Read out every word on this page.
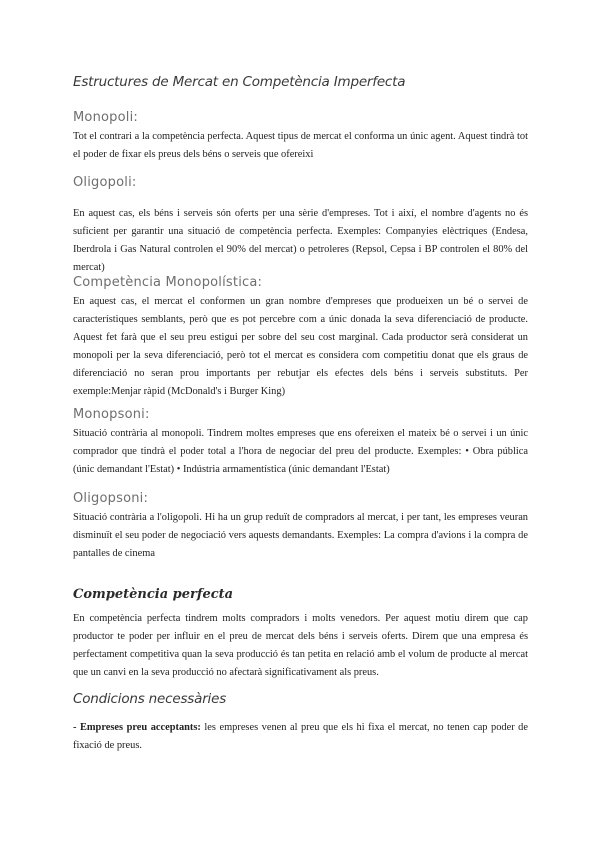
Estructures de Mercat en Competència Imperfecta
Monopoli:

Tot el contrari a la competència perfecta. Aquest tipus de mercat el conforma un únic agent. Aquest tindrà tot el poder de fixar els preus dels béns o serveis que ofereixi

Oligopoli:

En aquest cas, els béns i serveis són oferts per una sèrie d'empreses. Tot i així, el nombre d'agents no és suficient per garantir una situació de competència perfecta. Exemples: Companyies elèctriques (Endesa, Iberdrola i Gas Natural controlen el 90% del mercat) o petroleres (Repsol, Cepsa i BP controlen el 80% del mercat)

Competència Monopolística:

En aquest cas, el mercat el conformen un gran nombre d'empreses que produeixen un bé o servei de característiques semblants, però que es pot percebre com a únic donada la seva diferenciació de producte. Aquest fet farà que el seu preu estigui per sobre del seu cost marginal. Cada productor serà considerat un monopoli per la seva diferenciació, però tot el mercat es considera com competitiu donat que els graus de diferenciació no seran prou importants per rebutjar els efectes dels béns i serveis substituts. Per exemple:Menjar ràpid (McDonald's i Burger King)

Monopsoni:

Situació contrària al monopoli. Tindrem moltes empreses que ens ofereixen el mateix bé o servei i un únic comprador que tindrà el poder total a l'hora de negociar del preu del producte. Exemples: • Obra pública (únic demandant l'Estat) • Indústria armamentística (únic demandant l'Estat)

Oligopsoni:

Situació contrària a l'oligopoli. Hi ha un grup reduït de compradors al mercat, i per tant, les empreses veuran disminuït el seu poder de negociació vers aquests demandants. Exemples: La compra d'avions i la compra de pantalles de cinema

Competència perfecta

En competència perfecta tindrem molts compradors i molts venedors. Per aquest motiu direm que cap productor te poder per influir en el preu de mercat dels béns i serveis oferts. Direm que una empresa és perfectament competitiva quan la seva producció és tan petita en relació amb el volum de producte al mercat que un canvi en la seva producció no afectarà significativament als preus.

Condicions necessàries

- Empreses preu acceptants: les empreses venen al preu que els hi fixa el mercat, no tenen cap poder de fixació de preus.
